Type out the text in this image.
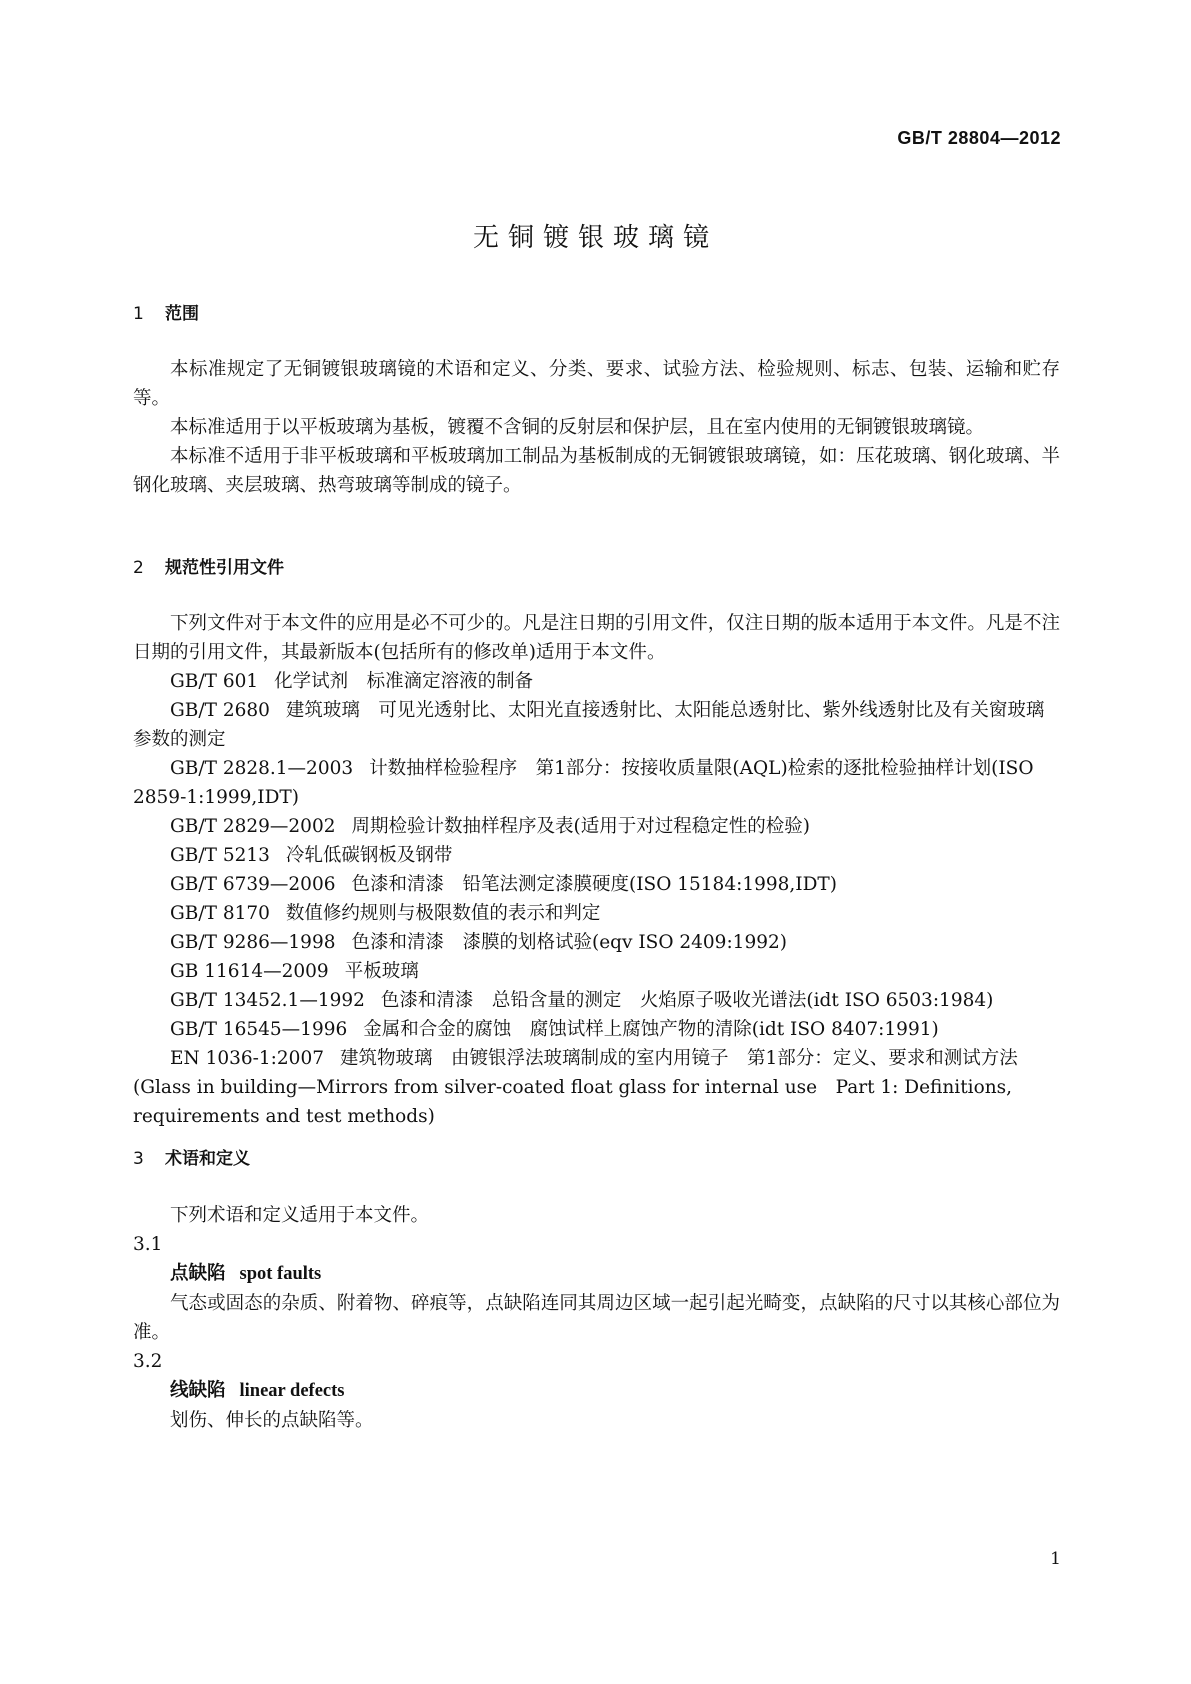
GB/T 28804—2012
无铜镀银玻璃镜
1 范围

本标准规定了无铜镀银玻璃镜的术语和定义、分类、要求、试验方法、检验规则、标志、包装、运输和贮存等。

本标准适用于以平板玻璃为基板，镀覆不含铜的反射层和保护层，且在室内使用的无铜镀银玻璃镜。

本标准不适用于非平板玻璃和平板玻璃加工制品为基板制成的无铜镀银玻璃镜，如：压花玻璃、钢化玻璃、半钢化玻璃、夹层玻璃、热弯玻璃等制成的镜子。

2 规范性引用文件

下列文件对于本文件的应用是必不可少的。凡是注日期的引用文件，仅注日期的版本适用于本文件。凡是不注日期的引用文件，其最新版本(包括所有的修改单)适用于本文件。

GB/T 601 化学试剂　标准滴定溶液的制备

GB/T 2680 建筑玻璃　可见光透射比、太阳光直接透射比、太阳能总透射比、紫外线透射比及有关窗玻璃参数的测定

GB/T 2828.1—2003 计数抽样检验程序　第1部分：按接收质量限(AQL)检索的逐批检验抽样计划(ISO 2859-1:1999,IDT)

GB/T 2829—2002 周期检验计数抽样程序及表(适用于对过程稳定性的检验)

GB/T 5213 冷轧低碳钢板及钢带

GB/T 6739—2006 色漆和清漆　铅笔法测定漆膜硬度(ISO 15184:1998,IDT)

GB/T 8170 数值修约规则与极限数值的表示和判定

GB/T 9286—1998 色漆和清漆　漆膜的划格试验(eqv ISO 2409:1992)

GB 11614—2009 平板玻璃

GB/T 13452.1—1992 色漆和清漆　总铅含量的测定　火焰原子吸收光谱法(idt ISO 6503:1984)

GB/T 16545—1996 金属和合金的腐蚀　腐蚀试样上腐蚀产物的清除(idt ISO 8407:1991)

EN 1036-1:2007 建筑物玻璃　由镀银浮法玻璃制成的室内用镜子　第1部分：定义、要求和测试方法(Glass in building—Mirrors from silver-coated float glass for internal use　Part 1: Definitions, requirements and test methods)

3 术语和定义

下列术语和定义适用于本文件。

3.1

点缺陷 spot faults

气态或固态的杂质、附着物、碎痕等，点缺陷连同其周边区域一起引起光畸变，点缺陷的尺寸以其核心部位为准。

3.2

线缺陷 linear defects

划伤、伸长的点缺陷等。

1
